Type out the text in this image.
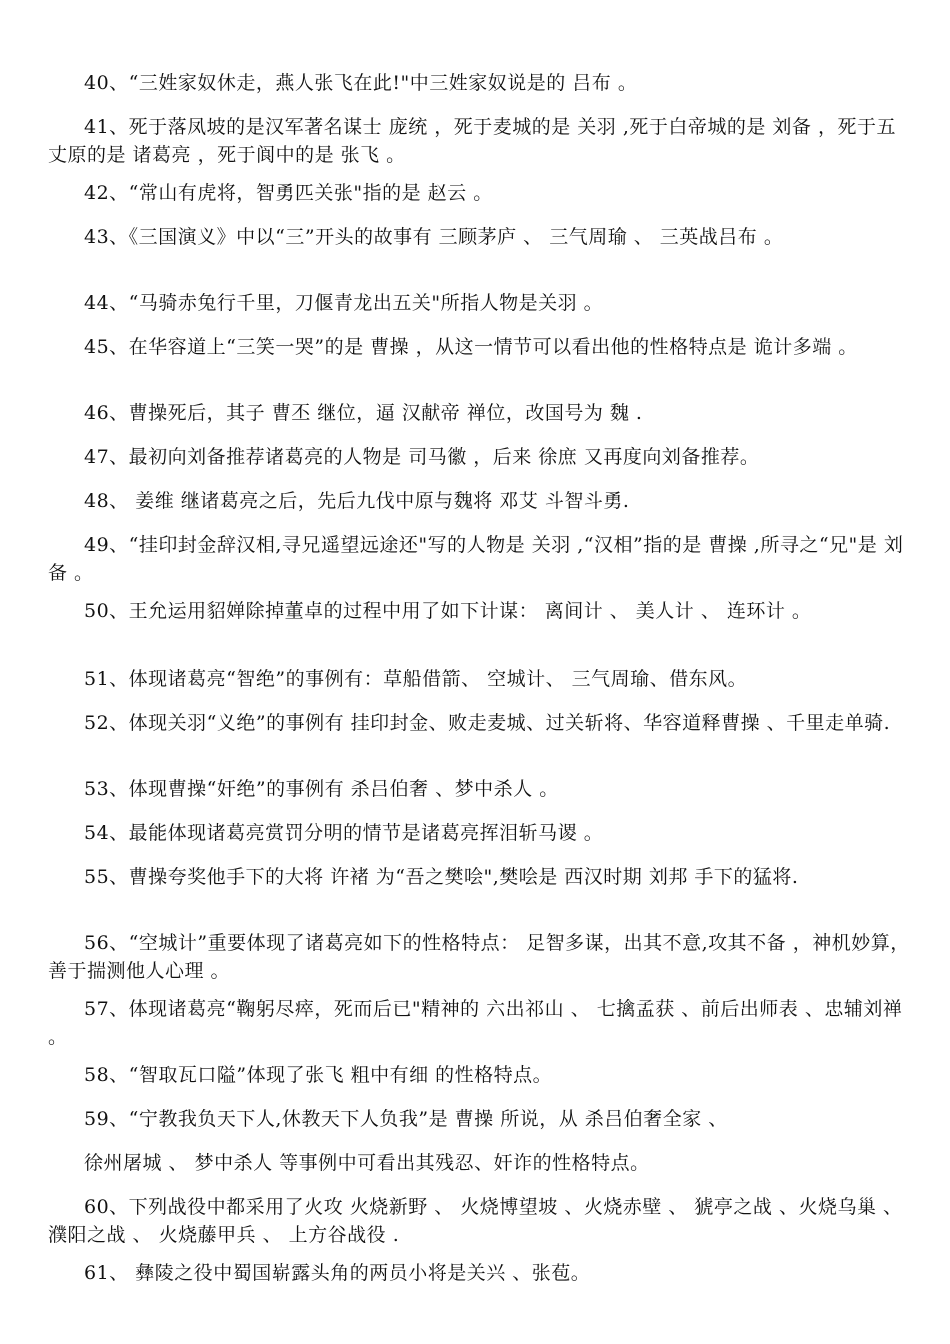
40、“三姓家奴休走，燕人张飞在此!"中三姓家奴说是的 吕布 。

41、死于落凤坡的是汉军著名谋士 庞统 ，死于麦城的是 关羽 ,死于白帝城的是 刘备 ，死于五丈原的是 诸葛亮 ，死于阆中的是 张飞 。

42、“常山有虎将，智勇匹关张"指的是 赵云 。

43、《三国演义》中以“三”开头的故事有 三顾茅庐 、 三气周瑜 、 三英战吕布 。

44、“马骑赤兔行千里，刀偃青龙出五关"所指人物是关羽 。

45、在华容道上“三笑一哭”的是 曹操 ，从这一情节可以看出他的性格特点是 诡计多端 。

46、曹操死后，其子 曹丕 继位，逼 汉献帝 禅位，改国号为 魏 .

47、最初向刘备推荐诸葛亮的人物是 司马徽 ，后来 徐庶 又再度向刘备推荐。

48、 姜维 继诸葛亮之后，先后九伐中原与魏将 邓艾 斗智斗勇.

49、“挂印封金辞汉相,寻兄遥望远途还"写的人物是 关羽 ,“汉相”指的是 曹操 ,所寻之“兄"是 刘备 。

50、王允运用貂婵除掉董卓的过程中用了如下计谋： 离间计 、 美人计 、 连环计 。

51、体现诸葛亮“智绝”的事例有：草船借箭、 空城计、 三气周瑜、借东风。

52、体现关羽“义绝”的事例有 挂印封金、败走麦城、过关斩将、华容道释曹操 、千里走单骑.

53、体现曹操“奸绝”的事例有 杀吕伯奢 、梦中杀人 。

54、最能体现诸葛亮赏罚分明的情节是诸葛亮挥泪斩马谡 。

55、曹操夸奖他手下的大将 许褚 为“吾之樊哙",樊哙是 西汉时期 刘邦 手下的猛将.

56、“空城计”重要体现了诸葛亮如下的性格特点： 足智多谋，出其不意,攻其不备 ，神机妙算，善于揣测他人心理 。

57、体现诸葛亮“鞠躬尽瘁，死而后已"精神的 六出祁山 、 七擒孟获 、前后出师表 、忠辅刘禅 。

58、“智取瓦口隘”体现了张飞 粗中有细 的性格特点。

59、“宁教我负天下人,休教天下人负我”是 曹操 所说，从 杀吕伯奢全家 、

徐州屠城 、 梦中杀人 等事例中可看出其残忍、奸诈的性格特点。

60、下列战役中都采用了火攻 火烧新野 、 火烧博望坡 、火烧赤壁 、 猇亭之战 、火烧乌巢 、 濮阳之战 、 火烧藤甲兵 、 上方谷战役 .

61、 彝陵之役中蜀国崭露头角的两员小将是关兴 、张苞。
